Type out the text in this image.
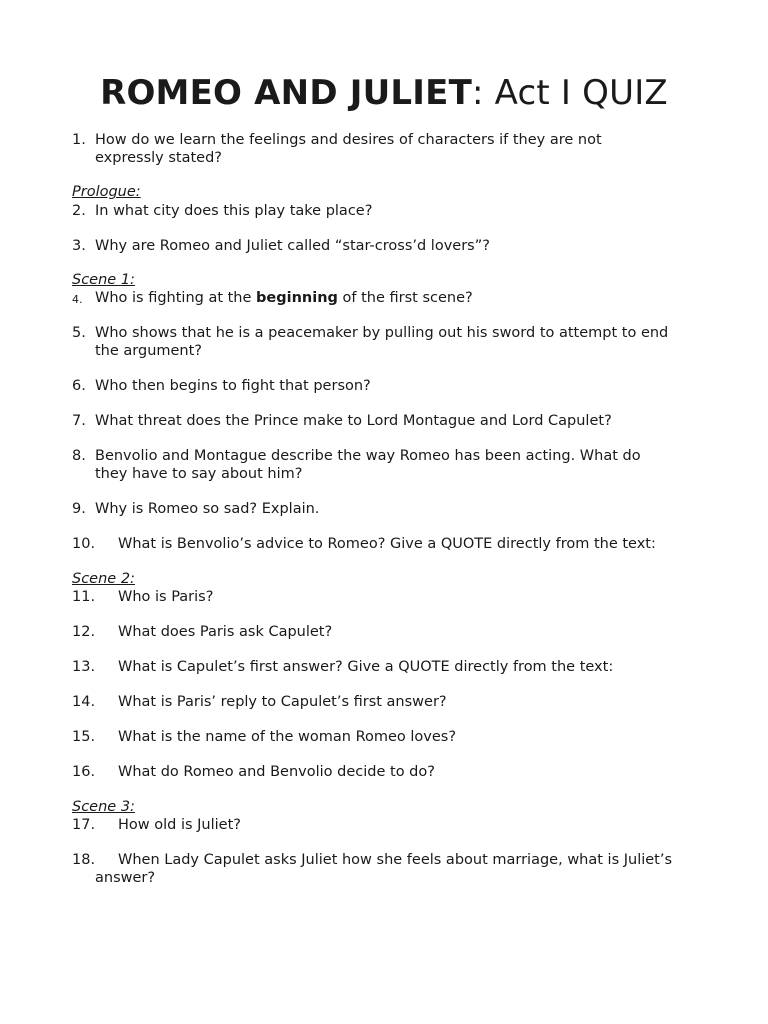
ROMEO AND JULIET: Act I QUIZ
1. How do we learn the feelings and desires of characters if they are not
expressly stated?
Prologue:
2. In what city does this play take place?
3. Why are Romeo and Juliet called “star-cross’d lovers”?
Scene 1:
4. Who is fighting at the beginning of the first scene?
5. Who shows that he is a peacemaker by pulling out his sword to attempt to end
the argument?
6. Who then begins to fight that person?
7. What threat does the Prince make to Lord Montague and Lord Capulet?
8. Benvolio and Montague describe the way Romeo has been acting. What do
they have to say about him?
9. Why is Romeo so sad? Explain.
10. What is Benvolio’s advice to Romeo? Give a QUOTE directly from the text:
Scene 2:
11. Who is Paris?
12. What does Paris ask Capulet?
13. What is Capulet’s first answer? Give a QUOTE directly from the text:
14. What is Paris’ reply to Capulet’s first answer?
15. What is the name of the woman Romeo loves?
16. What do Romeo and Benvolio decide to do?
Scene 3:
17. How old is Juliet?
18. When Lady Capulet asks Juliet how she feels about marriage, what is Juliet’s
answer?
